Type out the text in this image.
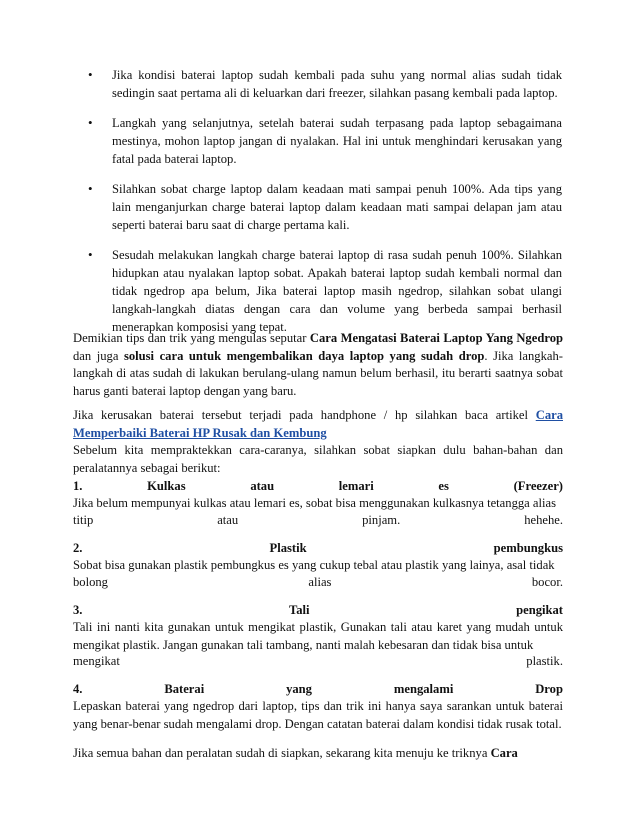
• Jika kondisi baterai laptop sudah kembali pada suhu yang normal alias sudah tidak sedingin saat pertama ali di keluarkan dari freezer, silahkan pasang kembali pada laptop.
• Langkah yang selanjutnya, setelah baterai sudah terpasang pada laptop sebagaimana mestinya, mohon laptop jangan di nyalakan. Hal ini untuk menghindari kerusakan yang fatal pada baterai laptop.
• Silahkan sobat charge laptop dalam keadaan mati sampai penuh 100%. Ada tips yang lain menganjurkan charge baterai laptop dalam keadaan mati sampai delapan jam atau seperti baterai baru saat di charge pertama kali.
• Sesudah melakukan langkah charge baterai laptop di rasa sudah penuh 100%. Silahkan hidupkan atau nyalakan laptop sobat. Apakah baterai laptop sudah kembali normal dan tidak ngedrop apa belum, Jika baterai laptop masih ngedrop, silahkan sobat ulangi langkah-langkah diatas dengan cara dan volume yang berbeda sampai berhasil menerapkan komposisi yang tepat.

Demikian tips dan trik yang mengulas seputar Cara Mengatasi Baterai Laptop Yang Ngedrop dan juga solusi cara untuk mengembalikan daya laptop yang sudah drop. Jika langkah-langkah di atas sudah di lakukan berulang-ulang namun belum berhasil, itu berarti saatnya sobat harus ganti baterai laptop dengan yang baru.

Jika kerusakan baterai tersebut terjadi pada handphone / hp silahkan baca artikel Cara Memperbaiki Baterai HP Rusak dan Kembung
Sebelum kita mempraktekkan cara-caranya, silahkan sobat siapkan dulu bahan-bahan dan peralatannya sebagai berikut:

1.	Kulkas	atau	lemari	es	(Freezer)

Jika belum mempunyai kulkas atau lemari es, sobat bisa menggunakan kulkasnya tetangga alias

titip	atau	pinjam.	hehehe.
2.	Plastik	pembungkus

Sobat bisa gunakan plastik pembungkus es yang cukup tebal atau plastik yang lainya, asal tidak

bolong	alias	bocor.
3.	Tali	pengikat

Tali ini nanti kita gunakan untuk mengikat plastik, Gunakan tali atau karet yang mudah untuk mengikat plastik. Jangan gunakan tali tambang, nanti malah kebesaran dan tidak bisa untuk

mengikat	plastik.
4.	Baterai	yang	mengalami	Drop

Lepaskan baterai yang ngedrop dari laptop, tips dan trik ini hanya saya sarankan untuk baterai yang benar-benar sudah mengalami drop. Dengan catatan baterai dalam kondisi tidak rusak total.

Jika semua bahan dan peralatan sudah di siapkan, sekarang kita menuju ke triknya Cara
